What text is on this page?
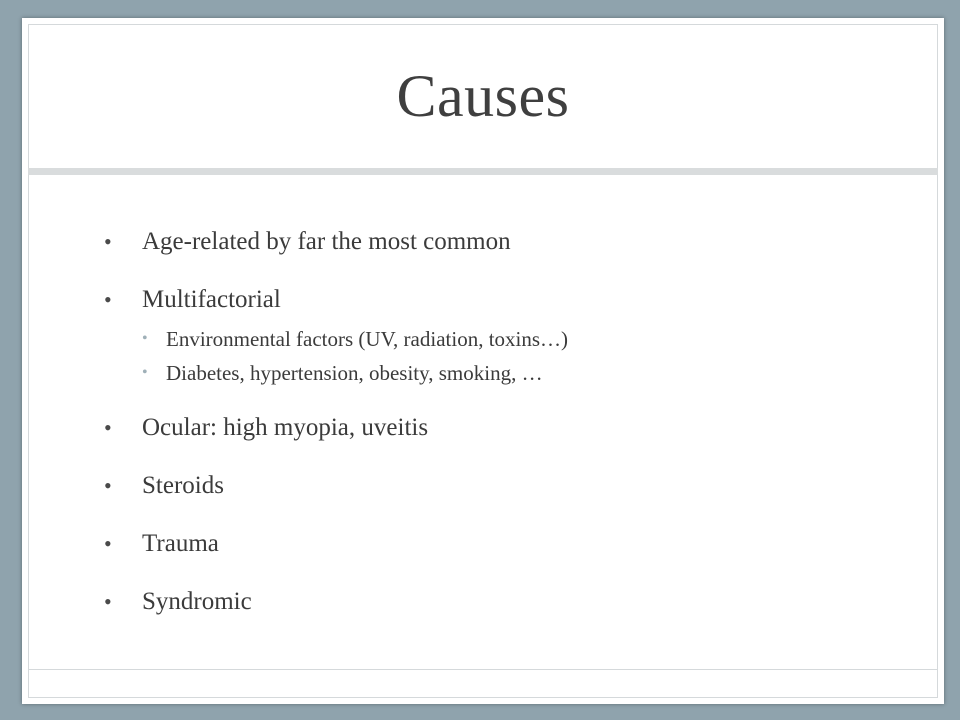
Causes
• Age-related by far the most common
• Multifactorial
• Environmental factors (UV, radiation, toxins…)
• Diabetes, hypertension, obesity, smoking, …
• Ocular: high myopia, uveitis
• Steroids
• Trauma
• Syndromic
